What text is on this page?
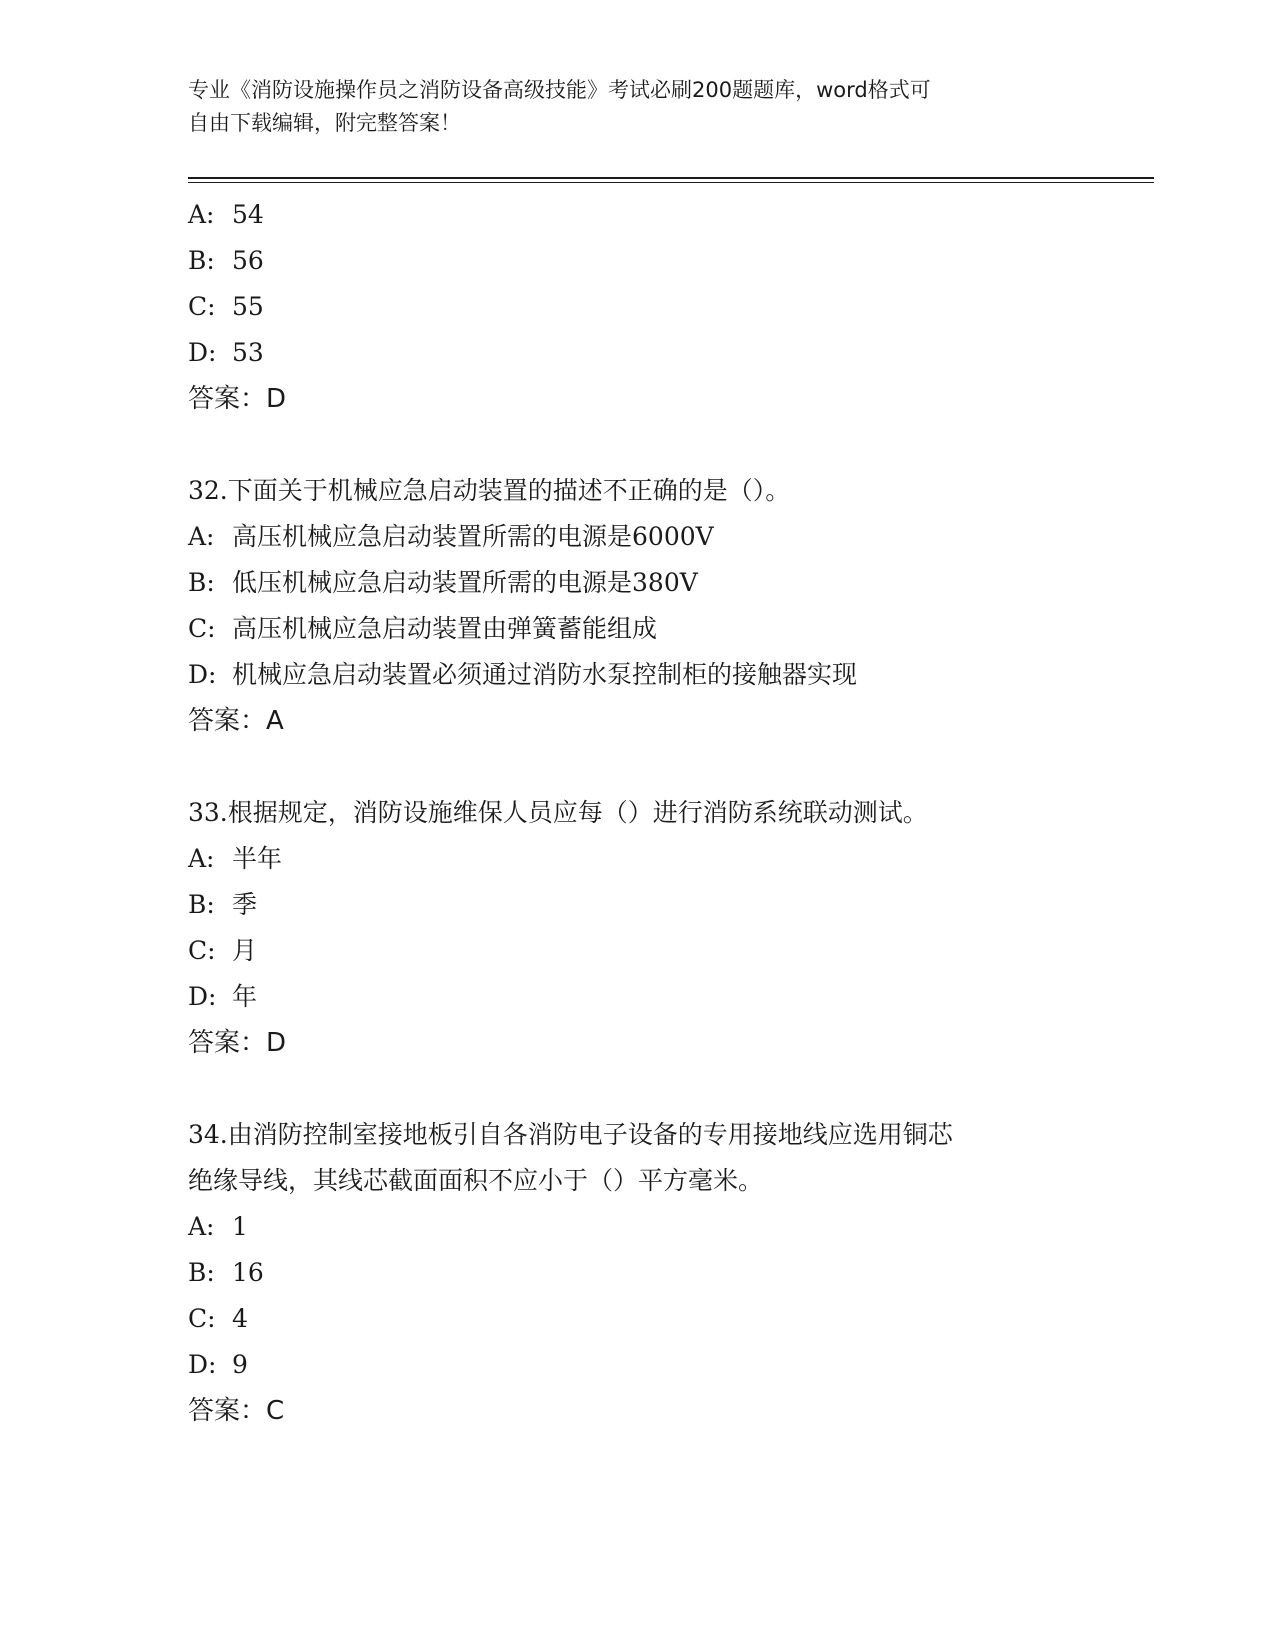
专业《消防设施操作员之消防设备高级技能》考试必刷200题题库，word格式可
自由下载编辑，附完整答案！
A: 54
B: 56
C: 55
D: 53
答案：D
32.下面关于机械应急启动装置的描述不正确的是（）。
A: 高压机械应急启动装置所需的电源是6000V
B: 低压机械应急启动装置所需的电源是380V
C: 高压机械应急启动装置由弹簧蓄能组成
D: 机械应急启动装置必须通过消防水泵控制柜的接触器实现
答案：A
33.根据规定，消防设施维保人员应每（）进行消防系统联动测试。
A: 半年
B: 季
C: 月
D: 年
答案：D
34.由消防控制室接地板引自各消防电子设备的专用接地线应选用铜芯
绝缘导线，其线芯截面面积不应小于（）平方毫米。
A: 1
B: 16
C: 4
D: 9
答案：C
